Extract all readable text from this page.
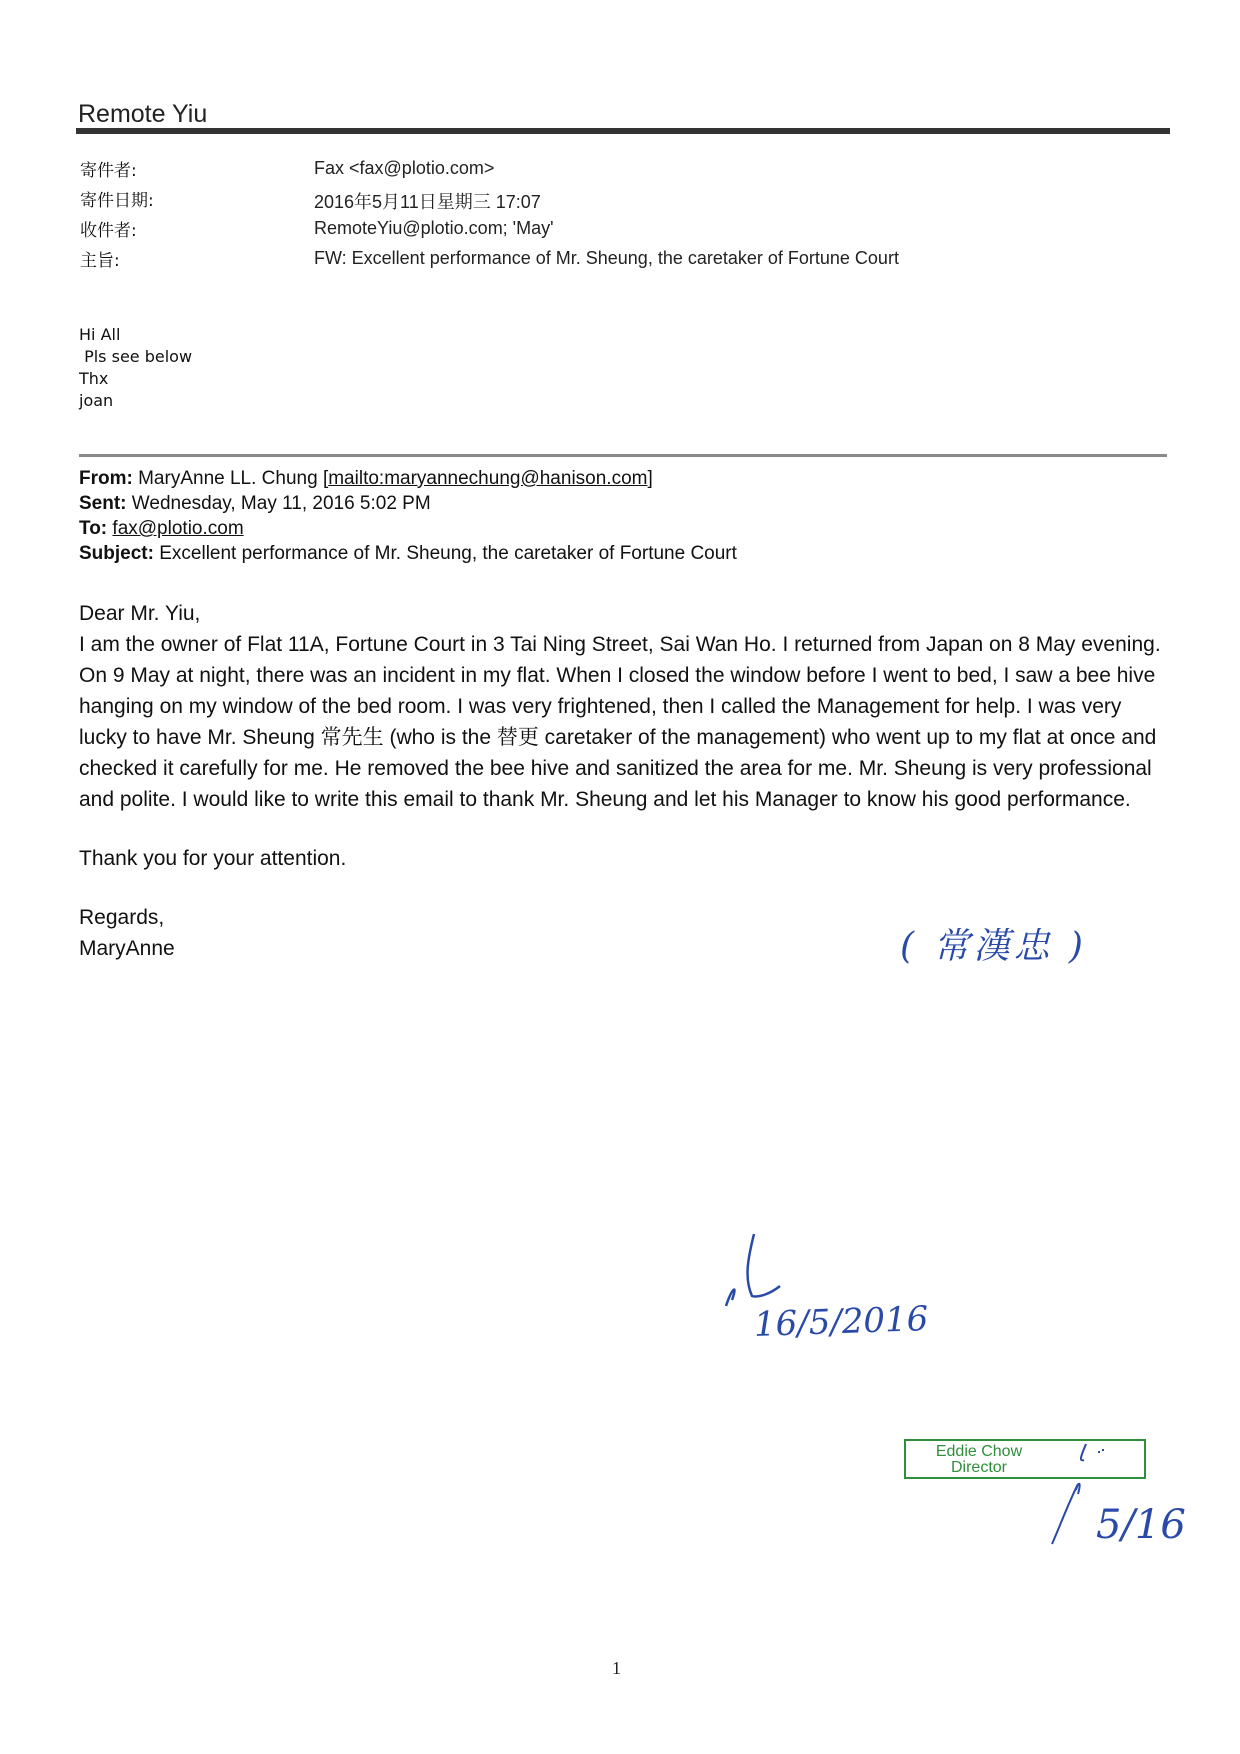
Remote Yiu
寄件者:	Fax <fax@plotio.com>
寄件日期:	2016年5月11日星期三 17:07
收件者:	RemoteYiu@plotio.com; 'May'
主旨:	FW: Excellent performance of Mr. Sheung, the caretaker of Fortune Court
Hi All
Pls see below
Thx
joan
From: MaryAnne LL. Chung [mailto:maryannechung@hanison.com]
Sent: Wednesday, May 11, 2016 5:02 PM
To: fax@plotio.com
Subject: Excellent performance of Mr. Sheung, the caretaker of Fortune Court

Dear Mr. Yiu,

I am the owner of Flat 11A, Fortune Court in 3 Tai Ning Street, Sai Wan Ho. I returned from Japan on 8 May evening. On 9 May at night, there was an incident in my flat. When I closed the window before I went to bed, I saw a bee hive hanging on my window of the bed room. I was very frightened, then I called the Management for help. I was very lucky to have Mr. Sheung 常先生 (who is the 替更 caretaker of the management) who went up to my flat at once and checked it carefully for me. He removed the bee hive and sanitized the area for me. Mr. Sheung is very professional and polite. I would like to write this email to thank Mr. Sheung and let his Manager to know his good performance.

Thank you for your attention.

Regards,

MaryAnne	( 常漢忠 )
16/5/2016
Eddie Chow
Director
5/16
1
